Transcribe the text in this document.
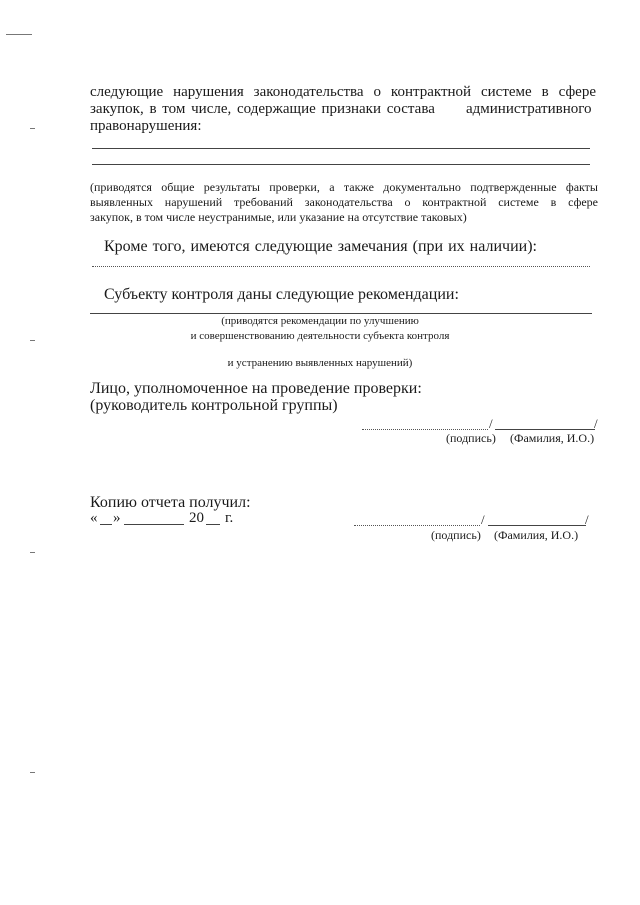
следующие нарушения законодательства о контрактной системе в сфере
закупок, в том числе, содержащие признаки состава административного
правонарушения:
(приводятся общие результаты проверки, а также документально подтвержденные факты
выявленных нарушений требований законодательства о контрактной системе в сфере
закупок, в том числе неустранимые, или указание на отсутствие таковых)
Кроме того, имеются следующие замечания (при их наличии):
Субъекту контроля даны следующие рекомендации:
(приводятся рекомендации по улучшению
и совершенствованию деятельности субъекта контроля
и устранению выявленных нарушений)
Лицо, уполномоченное на проведение проверки:
(руководитель контрольной группы)
/	/
(подпись) (Фамилия, И.О.)
Копию отчета получил:
« »	20 г.	/	/
(подпись) (Фамилия, И.О.)
